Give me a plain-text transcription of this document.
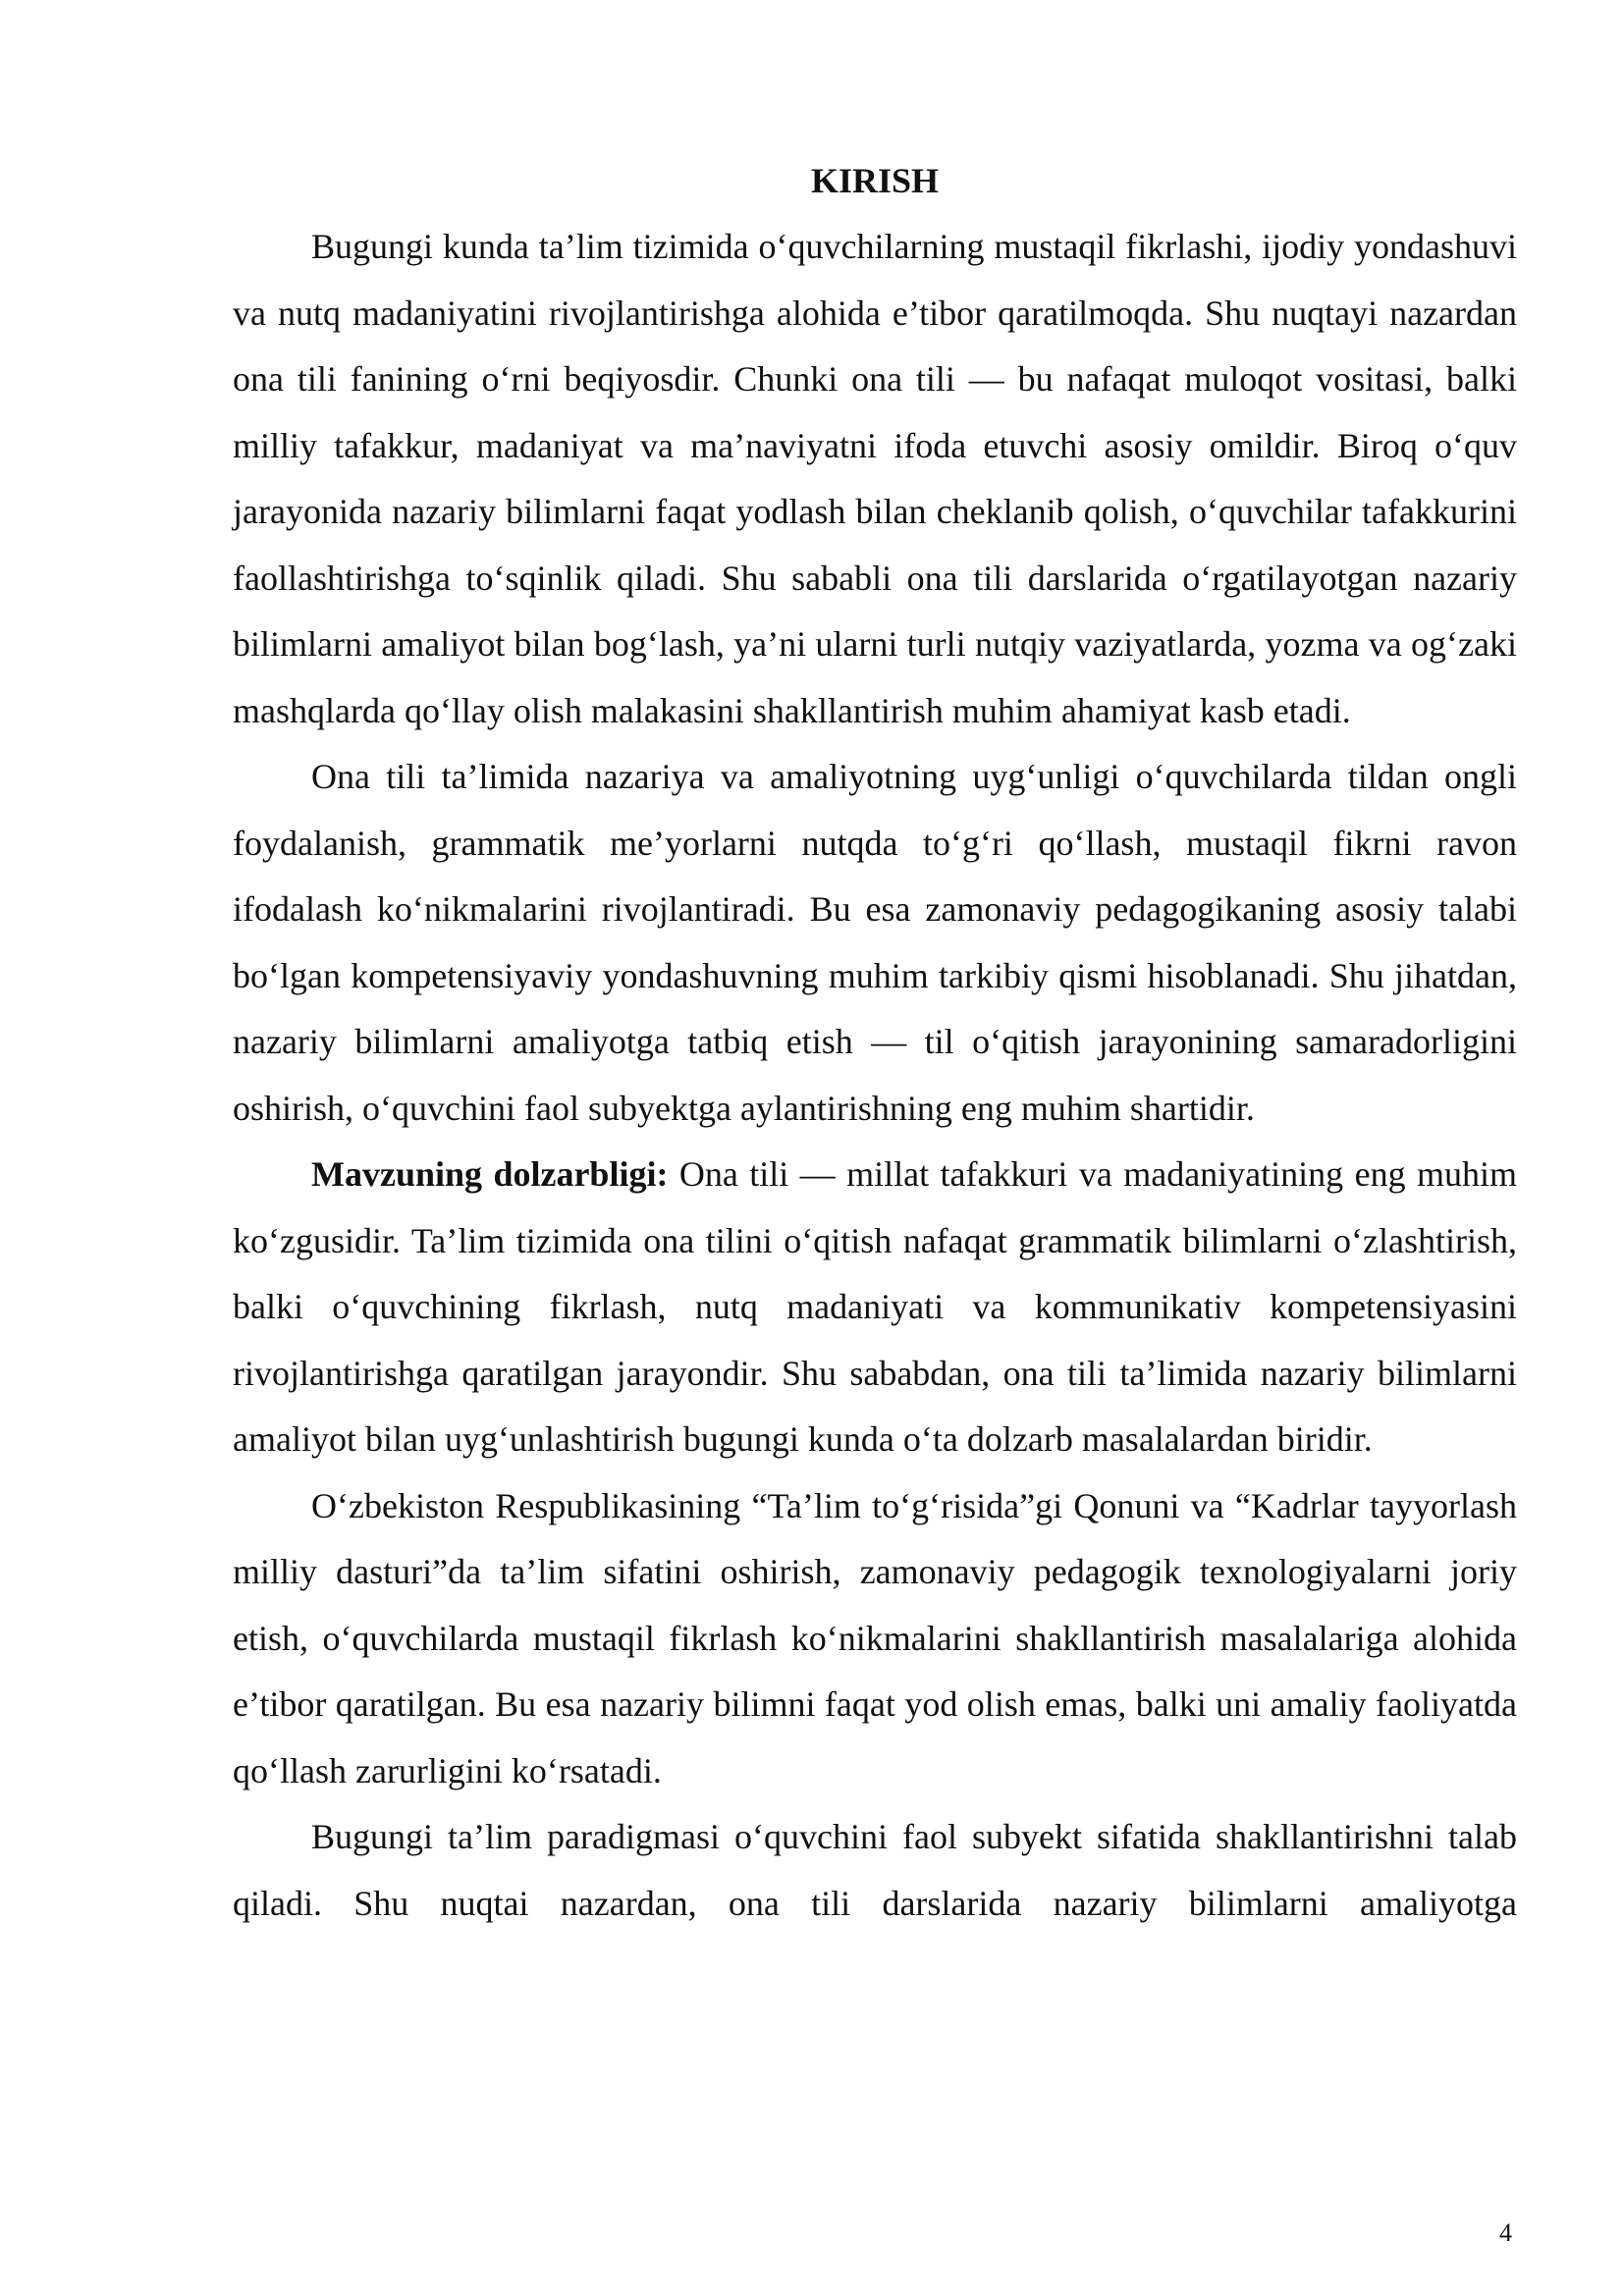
KIRISH

Bugungi kunda ta’lim tizimida o‘quvchilarning mustaqil fikrlashi, ijodiy yondashuvi va nutq madaniyatini rivojlantirishga alohida e’tibor qaratilmoqda. Shu nuqtayi nazardan ona tili fanining o‘rni beqiyosdir. Chunki ona tili — bu nafaqat muloqot vositasi, balki milliy tafakkur, madaniyat va ma’naviyatni ifoda etuvchi asosiy omildir. Biroq o‘quv jarayonida nazariy bilimlarni faqat yodlash bilan cheklanib qolish, o‘quvchilar tafakkurini faollashtirishga to‘sqinlik qiladi. Shu sababli ona tili darslarida o‘rgatilayotgan nazariy bilimlarni amaliyot bilan bog‘lash, ya’ni ularni turli nutqiy vaziyatlarda, yozma va og‘zaki mashqlarda qo‘llay olish malakasini shakllantirish muhim ahamiyat kasb etadi.

Ona tili ta’limida nazariya va amaliyotning uyg‘unligi o‘quvchilarda tildan ongli foydalanish, grammatik me’yorlarni nutqda to‘g‘ri qo‘llash, mustaqil fikrni ravon ifodalash ko‘nikmalarini rivojlantiradi. Bu esa zamonaviy pedagogikaning asosiy talabi bo‘lgan kompetensiyaviy yondashuvning muhim tarkibiy qismi hisoblanadi. Shu jihatdan, nazariy bilimlarni amaliyotga tatbiq etish — til o‘qitish jarayonining samaradorligini oshirish, o‘quvchini faol subyektga aylantirishning eng muhim shartidir.

Mavzuning dolzarbligi: Ona tili — millat tafakkuri va madaniyatining eng muhim ko‘zgusidir. Ta’lim tizimida ona tilini o‘qitish nafaqat grammatik bilimlarni o‘zlashtirish, balki o‘quvchining fikrlash, nutq madaniyati va kommunikativ kompetensiyasini rivojlantirishga qaratilgan jarayondir. Shu sababdan, ona tili ta’limida nazariy bilimlarni amaliyot bilan uyg‘unlashtirish bugungi kunda o‘ta dolzarb masalalardan biridir.

O‘zbekiston Respublikasining “Ta’lim to‘g‘risida”gi Qonuni va “Kadrlar tayyorlash milliy dasturi”da ta’lim sifatini oshirish, zamonaviy pedagogik texnologiyalarni joriy etish, o‘quvchilarda mustaqil fikrlash ko‘nikmalarini shakllantirish masalalariga alohida e’tibor qaratilgan. Bu esa nazariy bilimni faqat yod olish emas, balki uni amaliy faoliyatda qo‘llash zarurligini ko‘rsatadi.

Bugungi ta’lim paradigmasi o‘quvchini faol subyekt sifatida shakllantirishni talab qiladi. Shu nuqtai nazardan, ona tili darslarida nazariy bilimlarni amaliyotga

4
